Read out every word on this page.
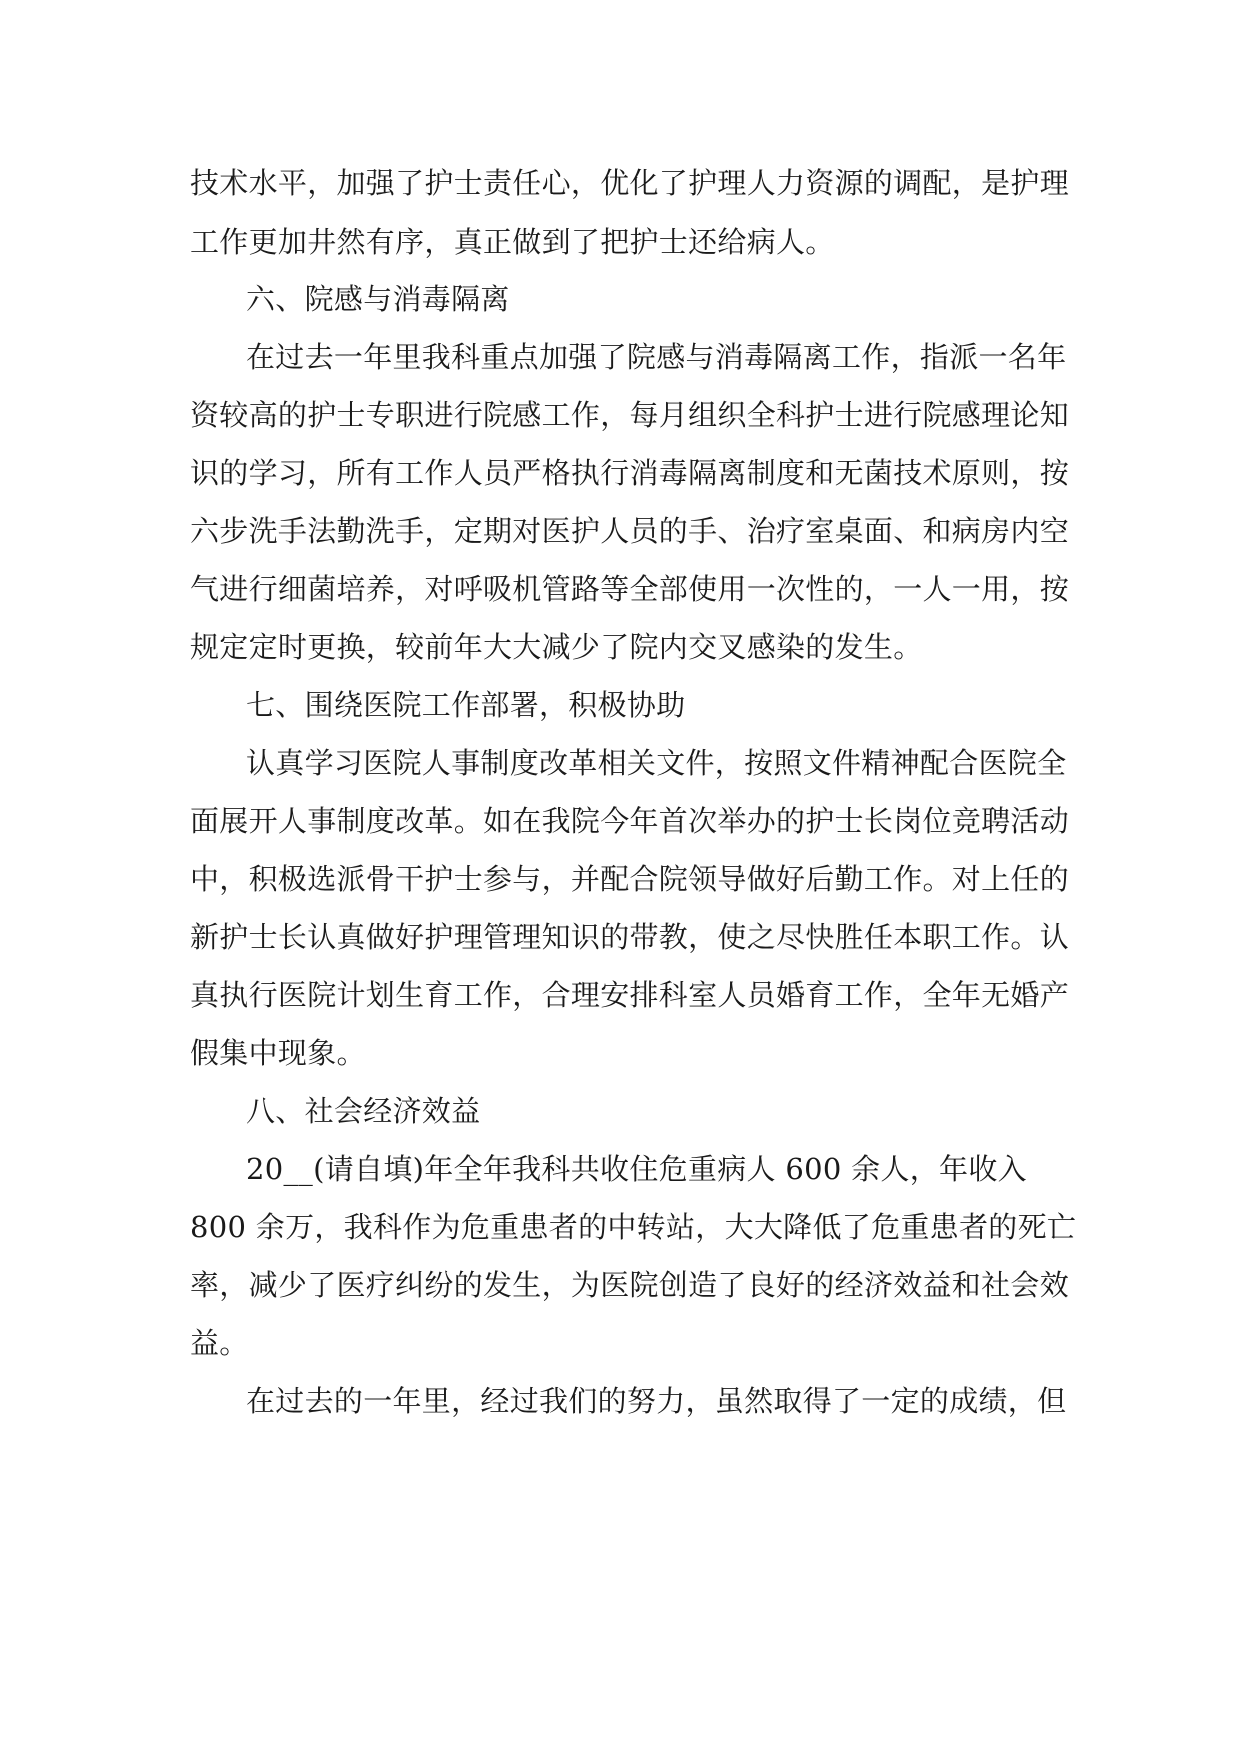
技术水平，加强了护士责任心，优化了护理人力资源的调配，是护理
工作更加井然有序，真正做到了把护士还给病人。
六、院感与消毒隔离
在过去一年里我科重点加强了院感与消毒隔离工作，指派一名年
资较高的护士专职进行院感工作，每月组织全科护士进行院感理论知
识的学习，所有工作人员严格执行消毒隔离制度和无菌技术原则，按
六步洗手法勤洗手，定期对医护人员的手、治疗室桌面、和病房内空
气进行细菌培养，对呼吸机管路等全部使用一次性的，一人一用，按
规定定时更换，较前年大大减少了院内交叉感染的发生。
七、围绕医院工作部署，积极协助
认真学习医院人事制度改革相关文件，按照文件精神配合医院全
面展开人事制度改革。如在我院今年首次举办的护士长岗位竞聘活动
中，积极选派骨干护士参与，并配合院领导做好后勤工作。对上任的
新护士长认真做好护理管理知识的带教，使之尽快胜任本职工作。认
真执行医院计划生育工作，合理安排科室人员婚育工作，全年无婚产
假集中现象。
八、社会经济效益
20__(请自填)年全年我科共收住危重病人 600 余人，年收入
800 余万，我科作为危重患者的中转站，大大降低了危重患者的死亡
率，减少了医疗纠纷的发生，为医院创造了良好的经济效益和社会效
益。
在过去的一年里，经过我们的努力，虽然取得了一定的成绩，但
